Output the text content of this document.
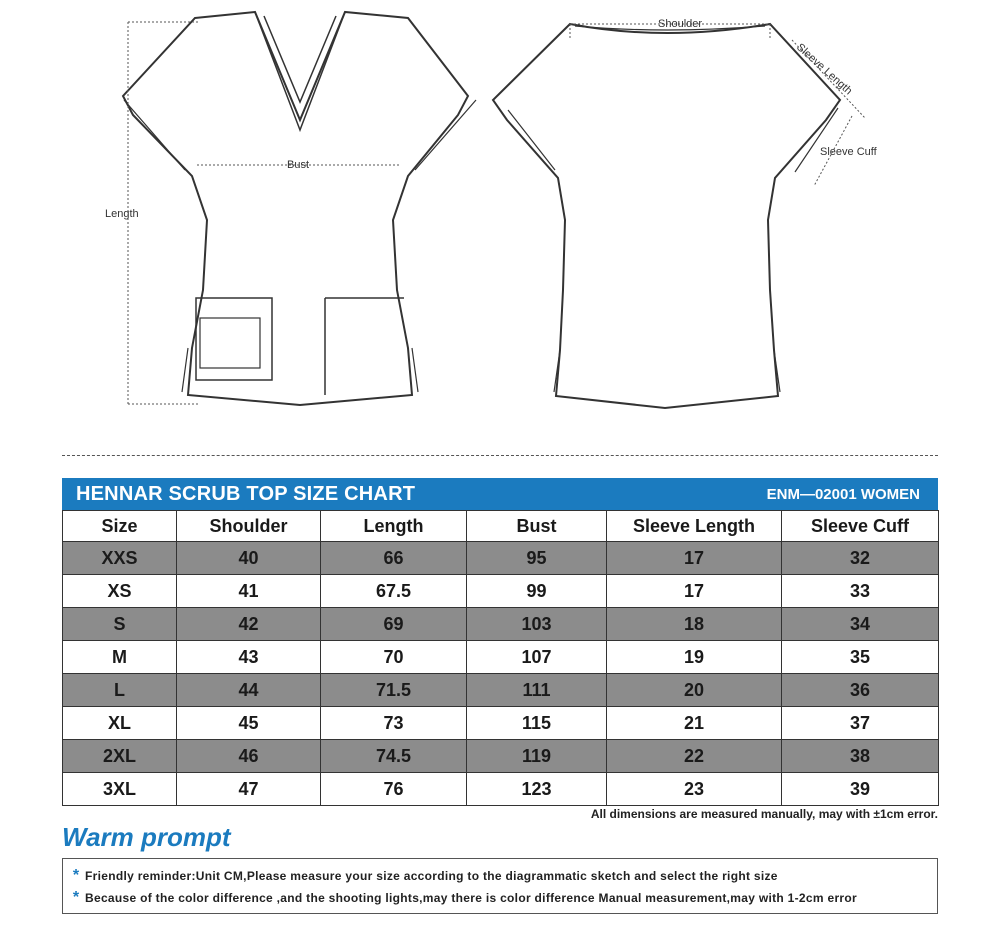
Length
Bust
Shoulder
Sleeve Length
Sleeve Cuff
HENNAR SCRUB TOP SIZE CHART	ENM—02001 WOMEN
Size	Shoulder	Length	Bust	Sleeve Length	Sleeve Cuff
XXS	40	66	95	17	32
XS	41	67.5	99	17	33
S	42	69	103	18	34
M	43	70	107	19	35
L	44	71.5	111	20	36
XL	45	73	115	21	37
2XL	46	74.5	119	22	38
3XL	47	76	123	23	39
All dimensions are measured manually, may with ±1cm error.
Warm prompt
* Friendly reminder:Unit CM,Please measure your size according to the diagrammatic sketch and select the right size
* Because of the color difference ,and the shooting lights,may there is color difference Manual measurement,may with 1-2cm error
